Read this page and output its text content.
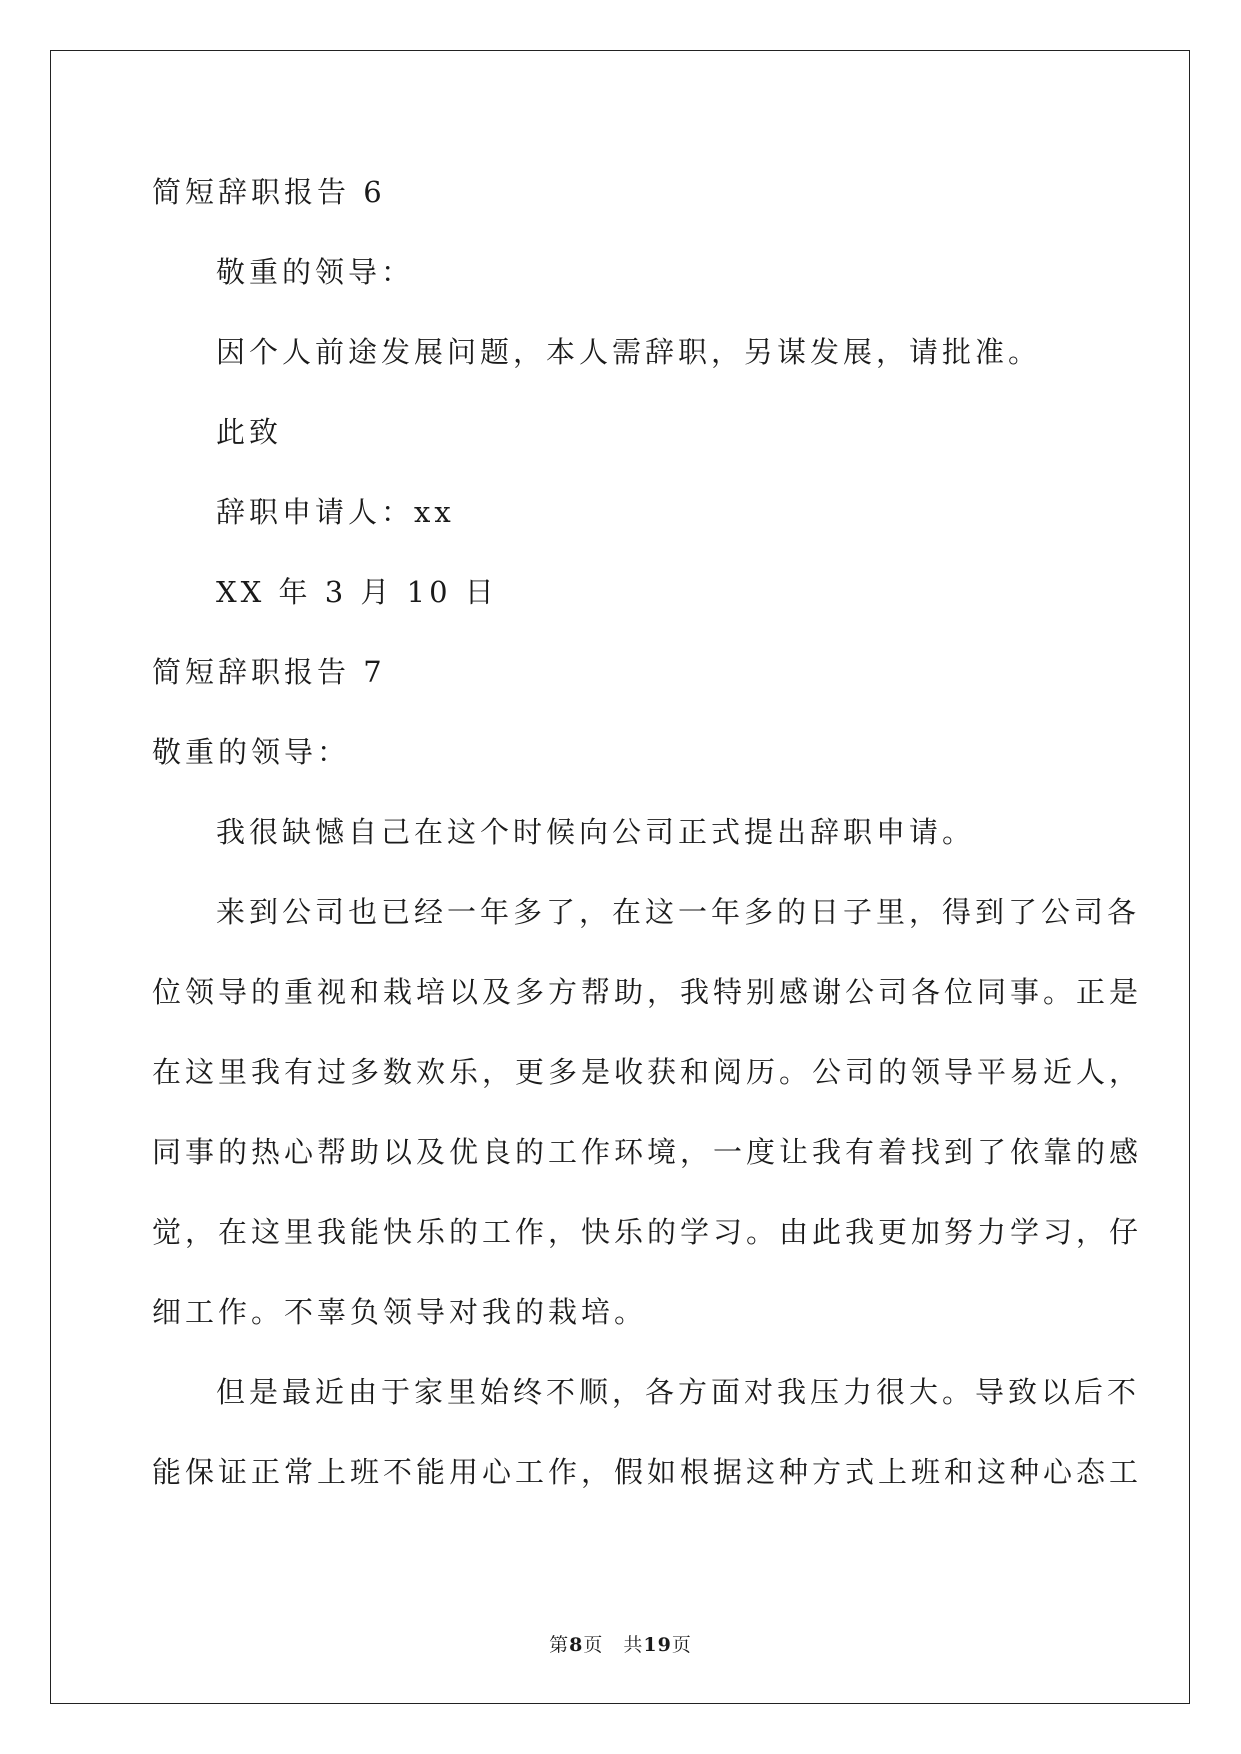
简短辞职报告 6
敬重的领导：
因个人前途发展问题，本人需辞职，另谋发展，请批准。
此致
辞职申请人：xx
XX 年 3 月 10 日
简短辞职报告 7
敬重的领导：
我很缺憾自己在这个时候向公司正式提出辞职申请。
来到公司也已经一年多了，在这一年多的日子里，得到了公司各
位领导的重视和栽培以及多方帮助，我特别感谢公司各位同事。正是
在这里我有过多数欢乐，更多是收获和阅历。公司的领导平易近人，
同事的热心帮助以及优良的工作环境，一度让我有着找到了依靠的感
觉，在这里我能快乐的工作，快乐的学习。由此我更加努力学习，仔
细工作。不辜负领导对我的栽培。
但是最近由于家里始终不顺，各方面对我压力很大。导致以后不
能保证正常上班不能用心工作，假如根据这种方式上班和这种心态工
第8页　共19页
